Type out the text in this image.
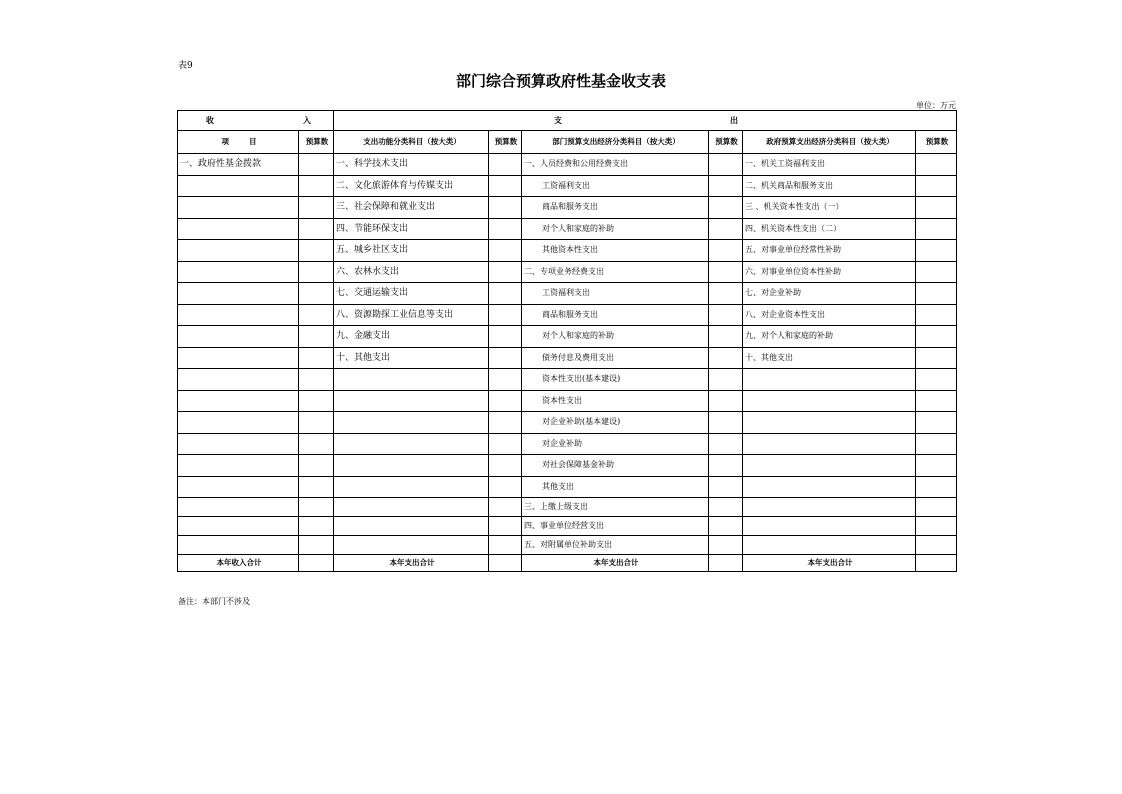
表9
部门综合预算政府性基金收支表
单位：万元
收 入		支 出					

项 目	预算数	支出功能分类科目（按大类）	预算数	部门预算支出经济分类科目（按大类）	预算数	政府预算支出经济分类科目（按大类）	预算数
一、政府性基金拨款		一、科学技术支出		一、人员经费和公用经费支出		一、机关工资福利支出	
		二、文化旅游体育与传媒支出		工资福利支出		二、机关商品和服务支出	
		三、社会保障和就业支出		商品和服务支出		三 、机关资本性支出（一）	
		四、节能环保支出		对个人和家庭的补助		四、机关资本性支出（二）	
		五、城乡社区支出		其他资本性支出		五、对事业单位经常性补助	
		六、农林水支出		二、专项业务经费支出		六、对事业单位资本性补助	
		七、交通运输支出		工资福利支出		七、对企业补助	
		八、资源勘探工业信息等支出		商品和服务支出		八、对企业资本性支出	
		九、金融支出		对个人和家庭的补助		九、对个人和家庭的补助	
		十、其他支出		债务付息及费用支出		十、其他支出	
				资本性支出(基本建设)			
				资本性支出			
				对企业补助(基本建设)			
				对企业补助			
				对社会保障基金补助			
				其他支出			
				三、上缴上级支出			
				四、事业单位经营支出			
				五、对附属单位补助支出			
本年收入合计		本年支出合计		本年支出合计		本年支出合计	
备注：本部门不涉及
